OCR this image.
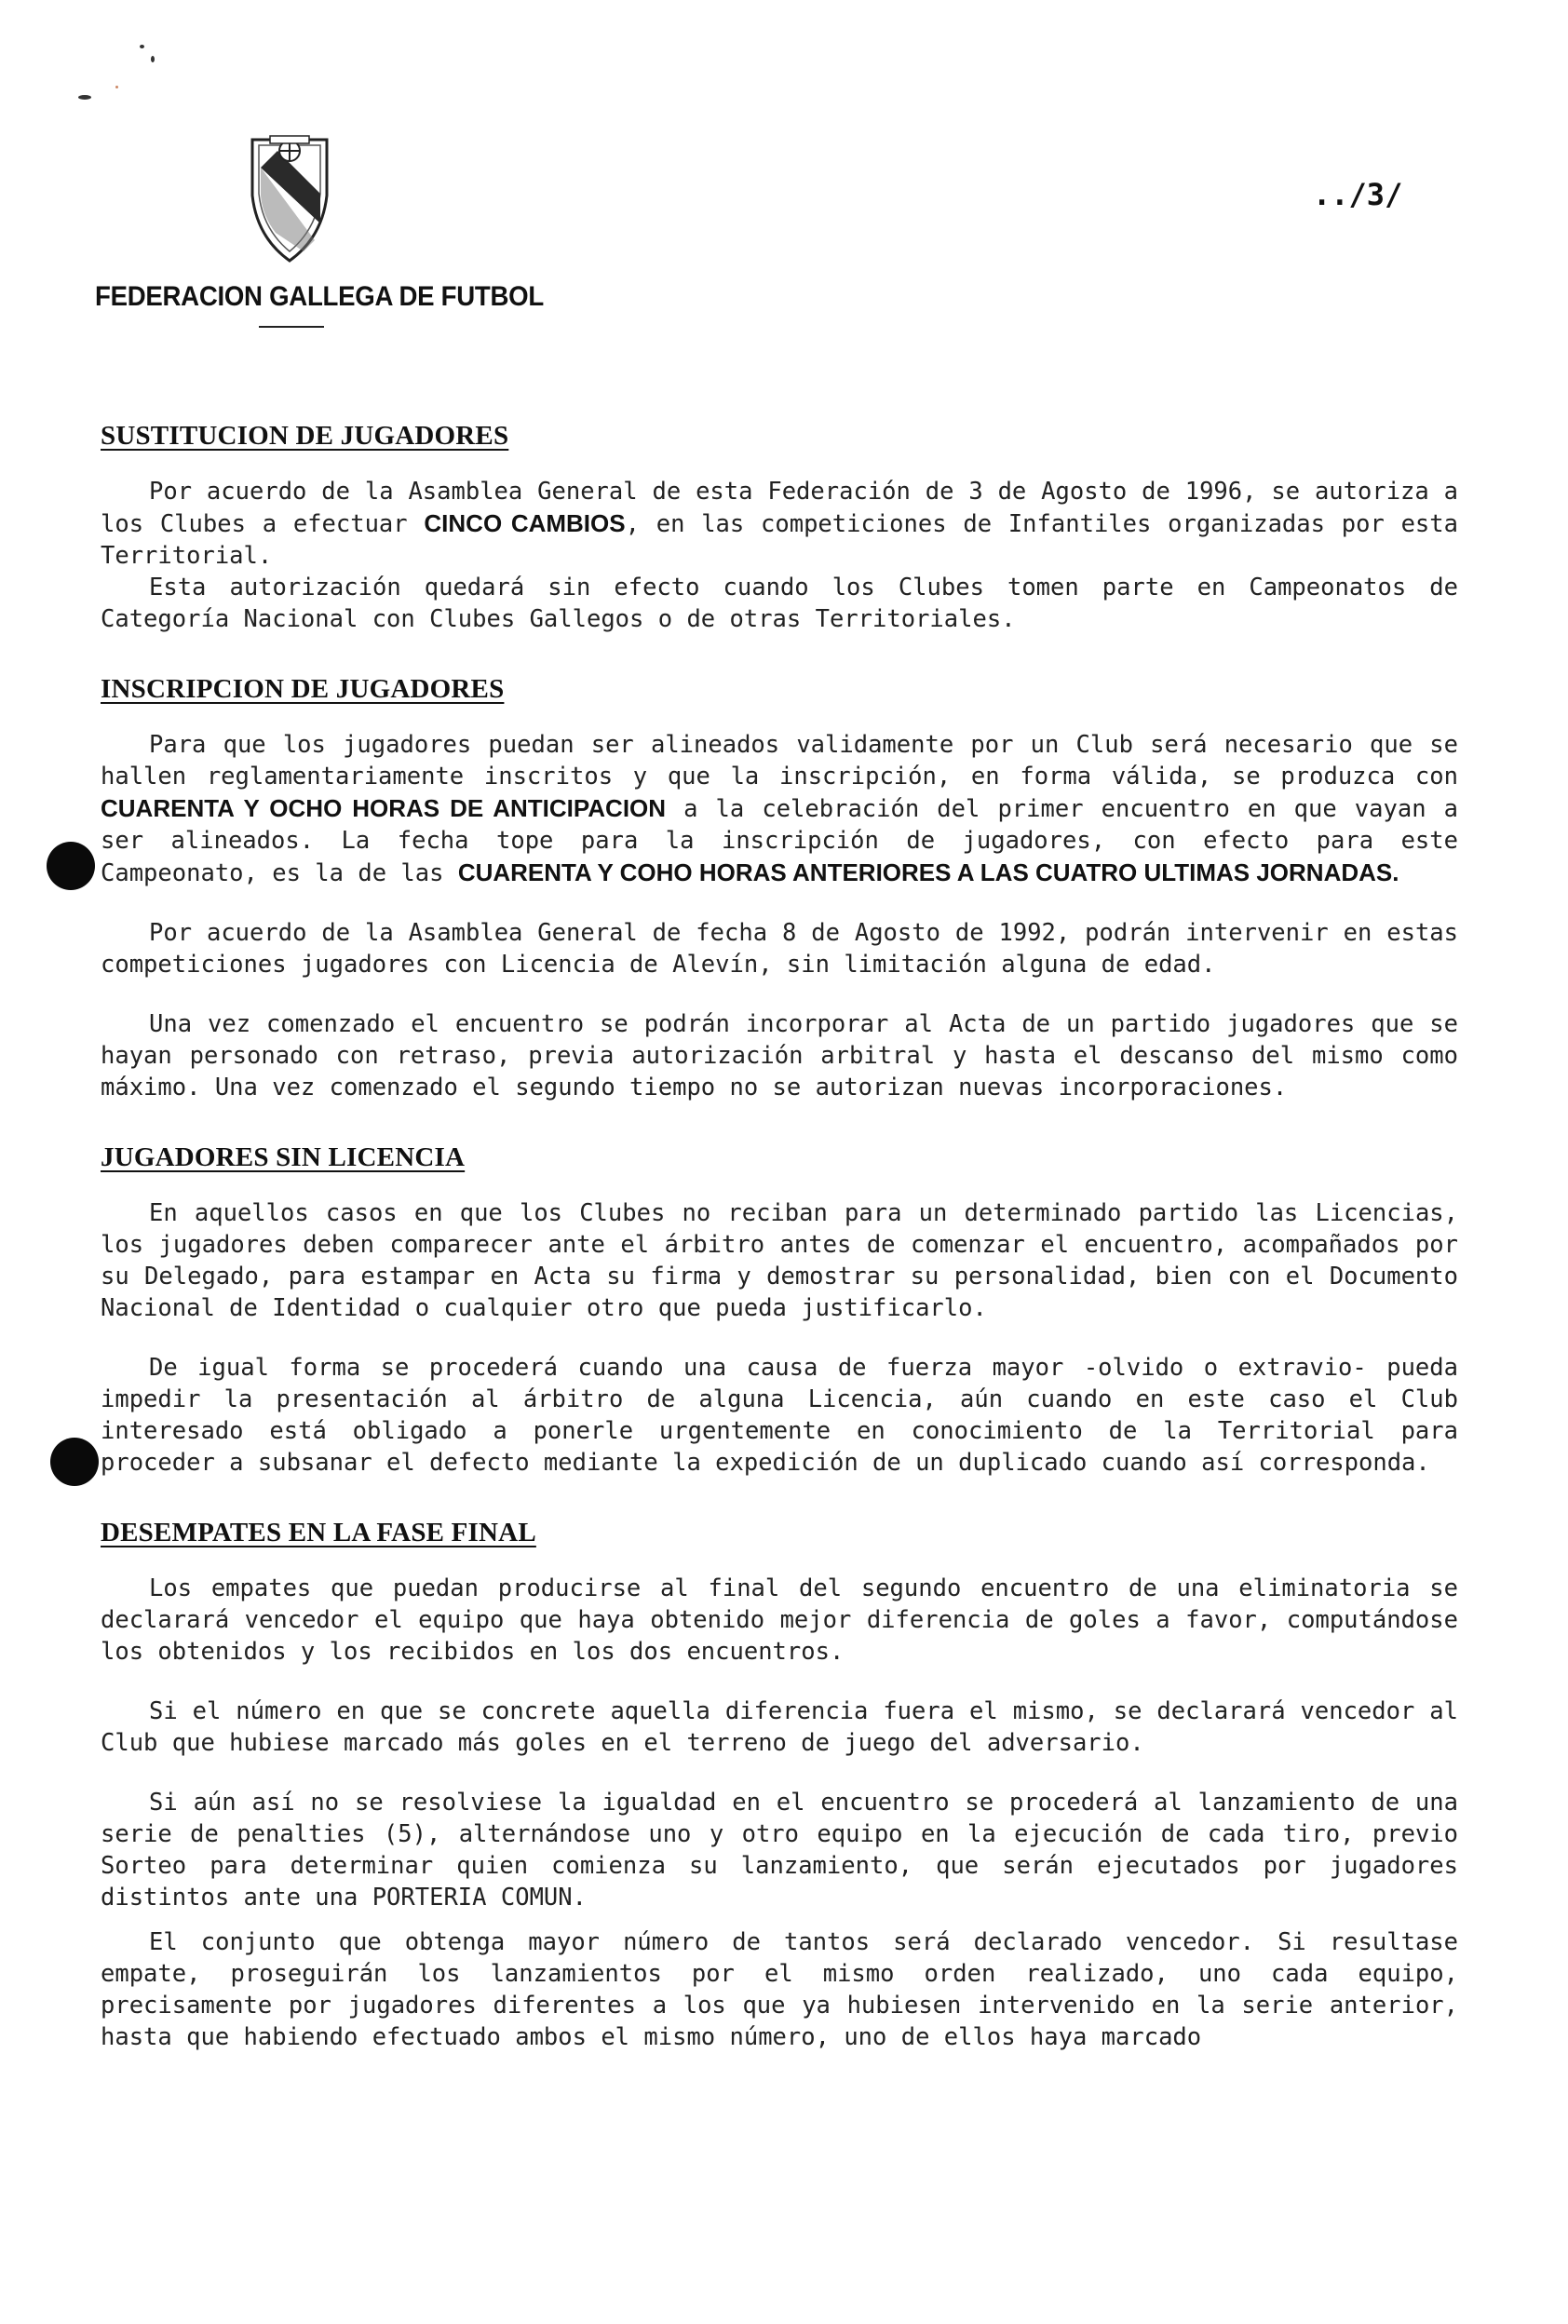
FEDERACION GALLEGA DE FUTBOL
../3/
SUSTITUCION DE JUGADORES

Por acuerdo de la Asamblea General de esta Federación de 3 de Agosto de 1996, se autoriza a los Clubes a efectuar CINCO CAMBIOS, en las competiciones de Infantiles organizadas por esta Territorial.

Esta autorización quedará sin efecto cuando los Clubes tomen parte en Campeonatos de Categoría Nacional con Clubes Gallegos o de otras Territoriales.

INSCRIPCION DE JUGADORES

Para que los jugadores puedan ser alineados validamente por un Club será necesario que se hallen reglamentariamente inscritos y que la inscripción, en forma válida, se produzca con CUARENTA Y OCHO HORAS DE ANTICIPACION a la celebración del primer encuentro en que vayan a ser alineados. La fecha tope para la inscripción de jugadores, con efecto para este Campeonato, es la de las CUARENTA Y COHO HORAS ANTERIORES A LAS CUATRO ULTIMAS JORNADAS.

Por acuerdo de la Asamblea General de fecha 8 de Agosto de 1992, podrán intervenir en estas competiciones jugadores con Licencia de Alevín, sin limitación alguna de edad.

Una vez comenzado el encuentro se podrán incorporar al Acta de un partido jugadores que se hayan personado con retraso, previa autorización arbitral y hasta el descanso del mismo como máximo. Una vez comenzado el segundo tiempo no se autorizan nuevas incorporaciones.

JUGADORES SIN LICENCIA

En aquellos casos en que los Clubes no reciban para un determinado partido las Licencias, los jugadores deben comparecer ante el árbitro antes de comenzar el encuentro, acompañados por su Delegado, para estampar en Acta su firma y demostrar su personalidad, bien con el Documento Nacional de Identidad o cualquier otro que pueda justificarlo.

De igual forma se procederá cuando una causa de fuerza mayor -olvido o extravio- pueda impedir la presentación al árbitro de alguna Licencia, aún cuando en este caso el Club interesado está obligado a ponerle urgentemente en conocimiento de la Territorial para proceder a subsanar el defecto mediante la expedición de un duplicado cuando así corresponda.

DESEMPATES EN LA FASE FINAL

Los empates que puedan producirse al final del segundo encuentro de una eliminatoria se declarará vencedor el equipo que haya obtenido mejor diferencia de goles a favor, computándose los obtenidos y los recibidos en los dos encuentros.

Si el número en que se concrete aquella diferencia fuera el mismo, se declarará vencedor al Club que hubiese marcado más goles en el terreno de juego del adversario.

Si aún así no se resolviese la igualdad en el encuentro se procederá al lanzamiento de una serie de penalties (5), alternándose uno y otro equipo en la ejecución de cada tiro, previo Sorteo para determinar quien comienza su lanzamiento, que serán ejecutados por jugadores distintos ante una PORTERIA COMUN.

El conjunto que obtenga mayor número de tantos será declarado vencedor. Si resultase empate, proseguirán los lanzamientos por el mismo orden realizado, uno cada equipo, precisamente por jugadores diferentes a los que ya hubiesen intervenido en la serie anterior, hasta que habiendo efectuado ambos el mismo número, uno de ellos haya marcado
